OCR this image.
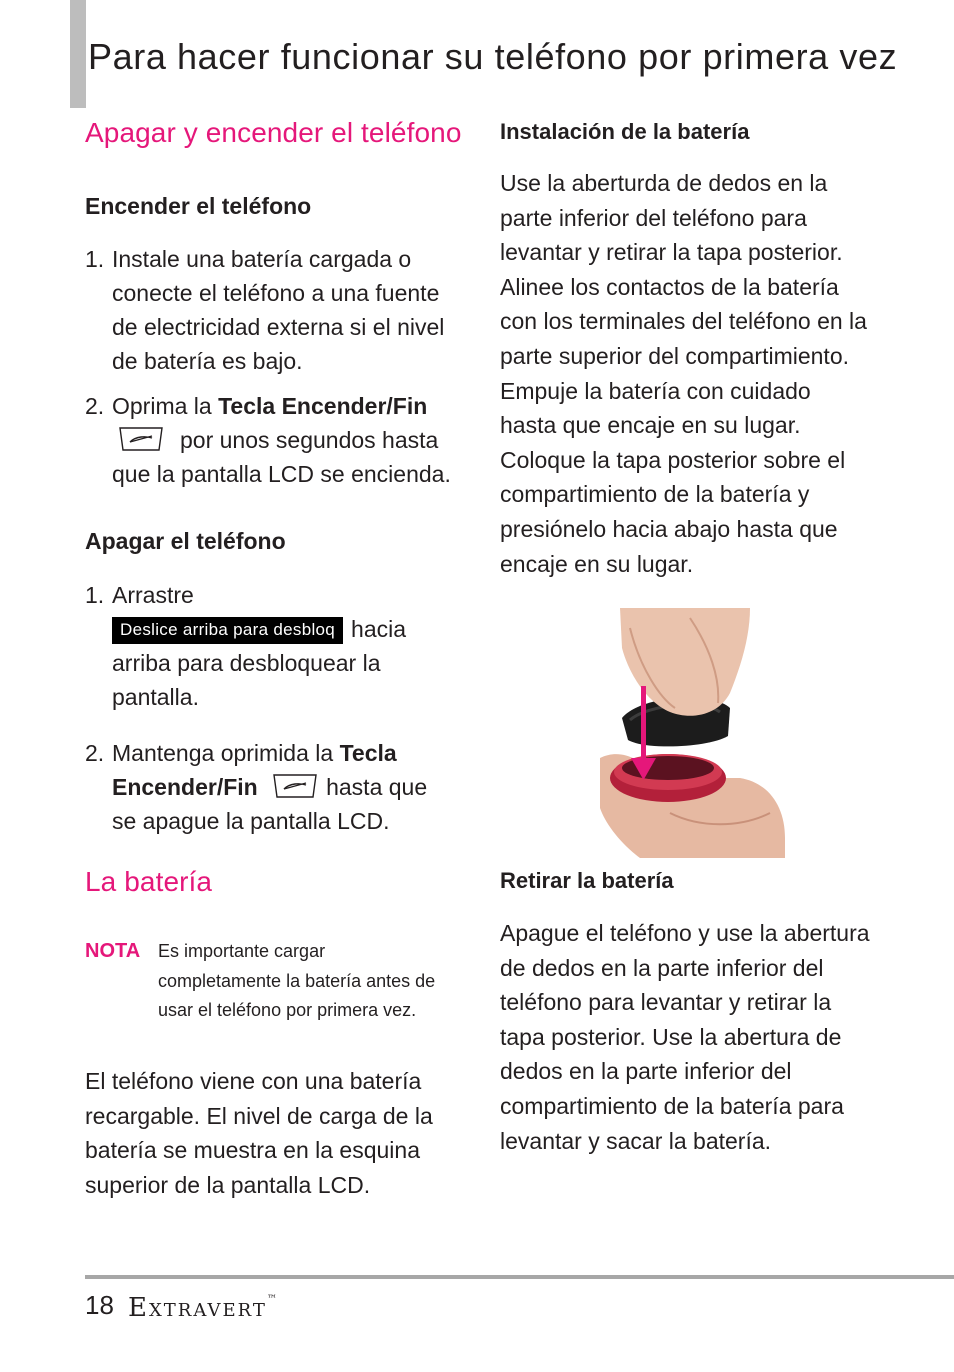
Para hacer funcionar su teléfono por primera vez
Apagar y encender el teléfono
Encender el teléfono
1. Instale una batería cargada o conecte el teléfono a una fuente de electricidad externa si el nivel de batería es bajo.
2. Oprima la Tecla Encender/Fin
por unos segundos hasta que la pantalla LCD se encienda.
Apagar el teléfono
1. Arrastre
Deslice arriba para desbloq hacia arriba para desbloquear la pantalla.
2. Mantenga oprimida la Tecla Encender/Fin	hasta que se apague la pantalla LCD.
La batería
NOTA Es importante cargar completamente la batería antes de usar el teléfono por primera vez.
El teléfono viene con una batería recargable. El nivel de carga de la batería se muestra en la esquina superior de la pantalla LCD.
Instalación de la batería
Use la aberturda de dedos en la parte inferior del teléfono para levantar y retirar la tapa posterior. Alinee los contactos de la batería con los terminales del teléfono en la parte superior del compartimiento. Empuje la batería con cuidado hasta que encaje en su lugar. Coloque la tapa posterior sobre el compartimiento de la batería y presiónelo hacia abajo hasta que encaje en su lugar.
Retirar la batería
Apague el teléfono y use la abertura de dedos en la parte inferior del teléfono para levantar y retirar la tapa posterior. Use la abertura de dedos en la parte inferior del compartimiento de la batería para levantar y sacar la batería.
18 Extravert™
